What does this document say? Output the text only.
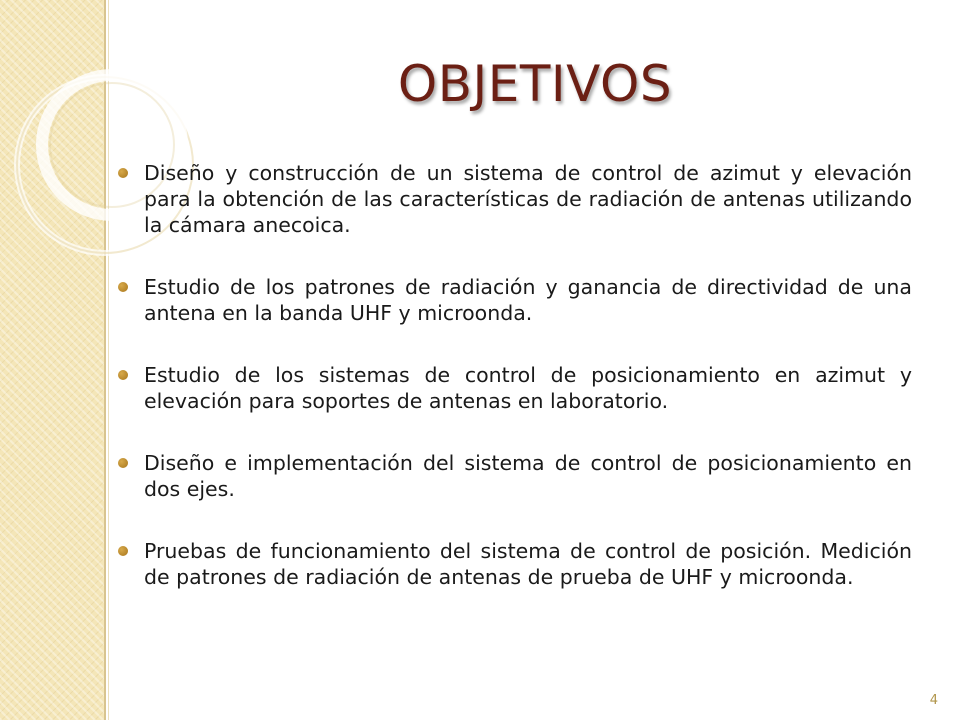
OBJETIVOS
Diseño y construcción de un sistema de control de azimut y elevación para la obtención de las características de radiación de antenas utilizando la cámara anecoica.
Estudio de los patrones de radiación y ganancia de directividad de una antena en la banda UHF y microonda.
Estudio de los sistemas de control de posicionamiento en azimut y elevación para soportes de antenas en laboratorio.
Diseño e implementación del sistema de control de posicionamiento en dos ejes.
Pruebas de funcionamiento del sistema de control de posición. Medición de patrones de radiación de antenas de prueba de UHF y microonda.
4
